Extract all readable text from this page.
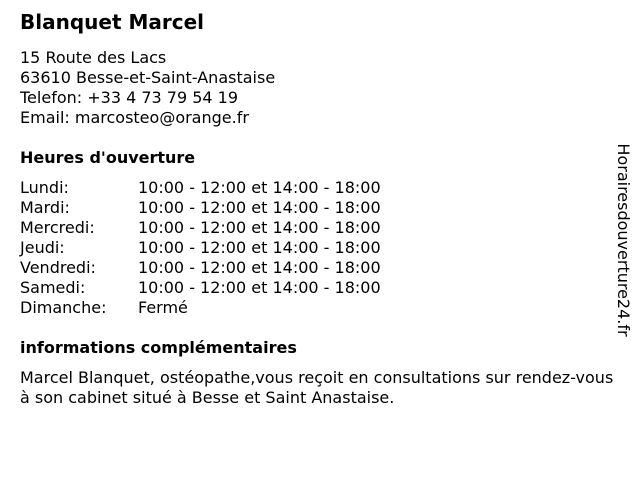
Blanquet Marcel
15 Route des Lacs
63610 Besse-et-Saint-Anastaise
Telefon: +33 4 73 79 54 19
Email: marcosteo@orange.fr
Heures d'ouverture
Lundi:	10:00 - 12:00 et 14:00 - 18:00
Mardi:	10:00 - 12:00 et 14:00 - 18:00
Mercredi:	10:00 - 12:00 et 14:00 - 18:00
Jeudi:	10:00 - 12:00 et 14:00 - 18:00
Vendredi:	10:00 - 12:00 et 14:00 - 18:00
Samedi:	10:00 - 12:00 et 14:00 - 18:00
Dimanche:	Fermé
informations complémentaires
Marcel Blanquet, ostéopathe,vous reçoit en consultations sur rendez-vous à son cabinet situé à Besse et Saint Anastaise.
Horairesdouverture24.fr
